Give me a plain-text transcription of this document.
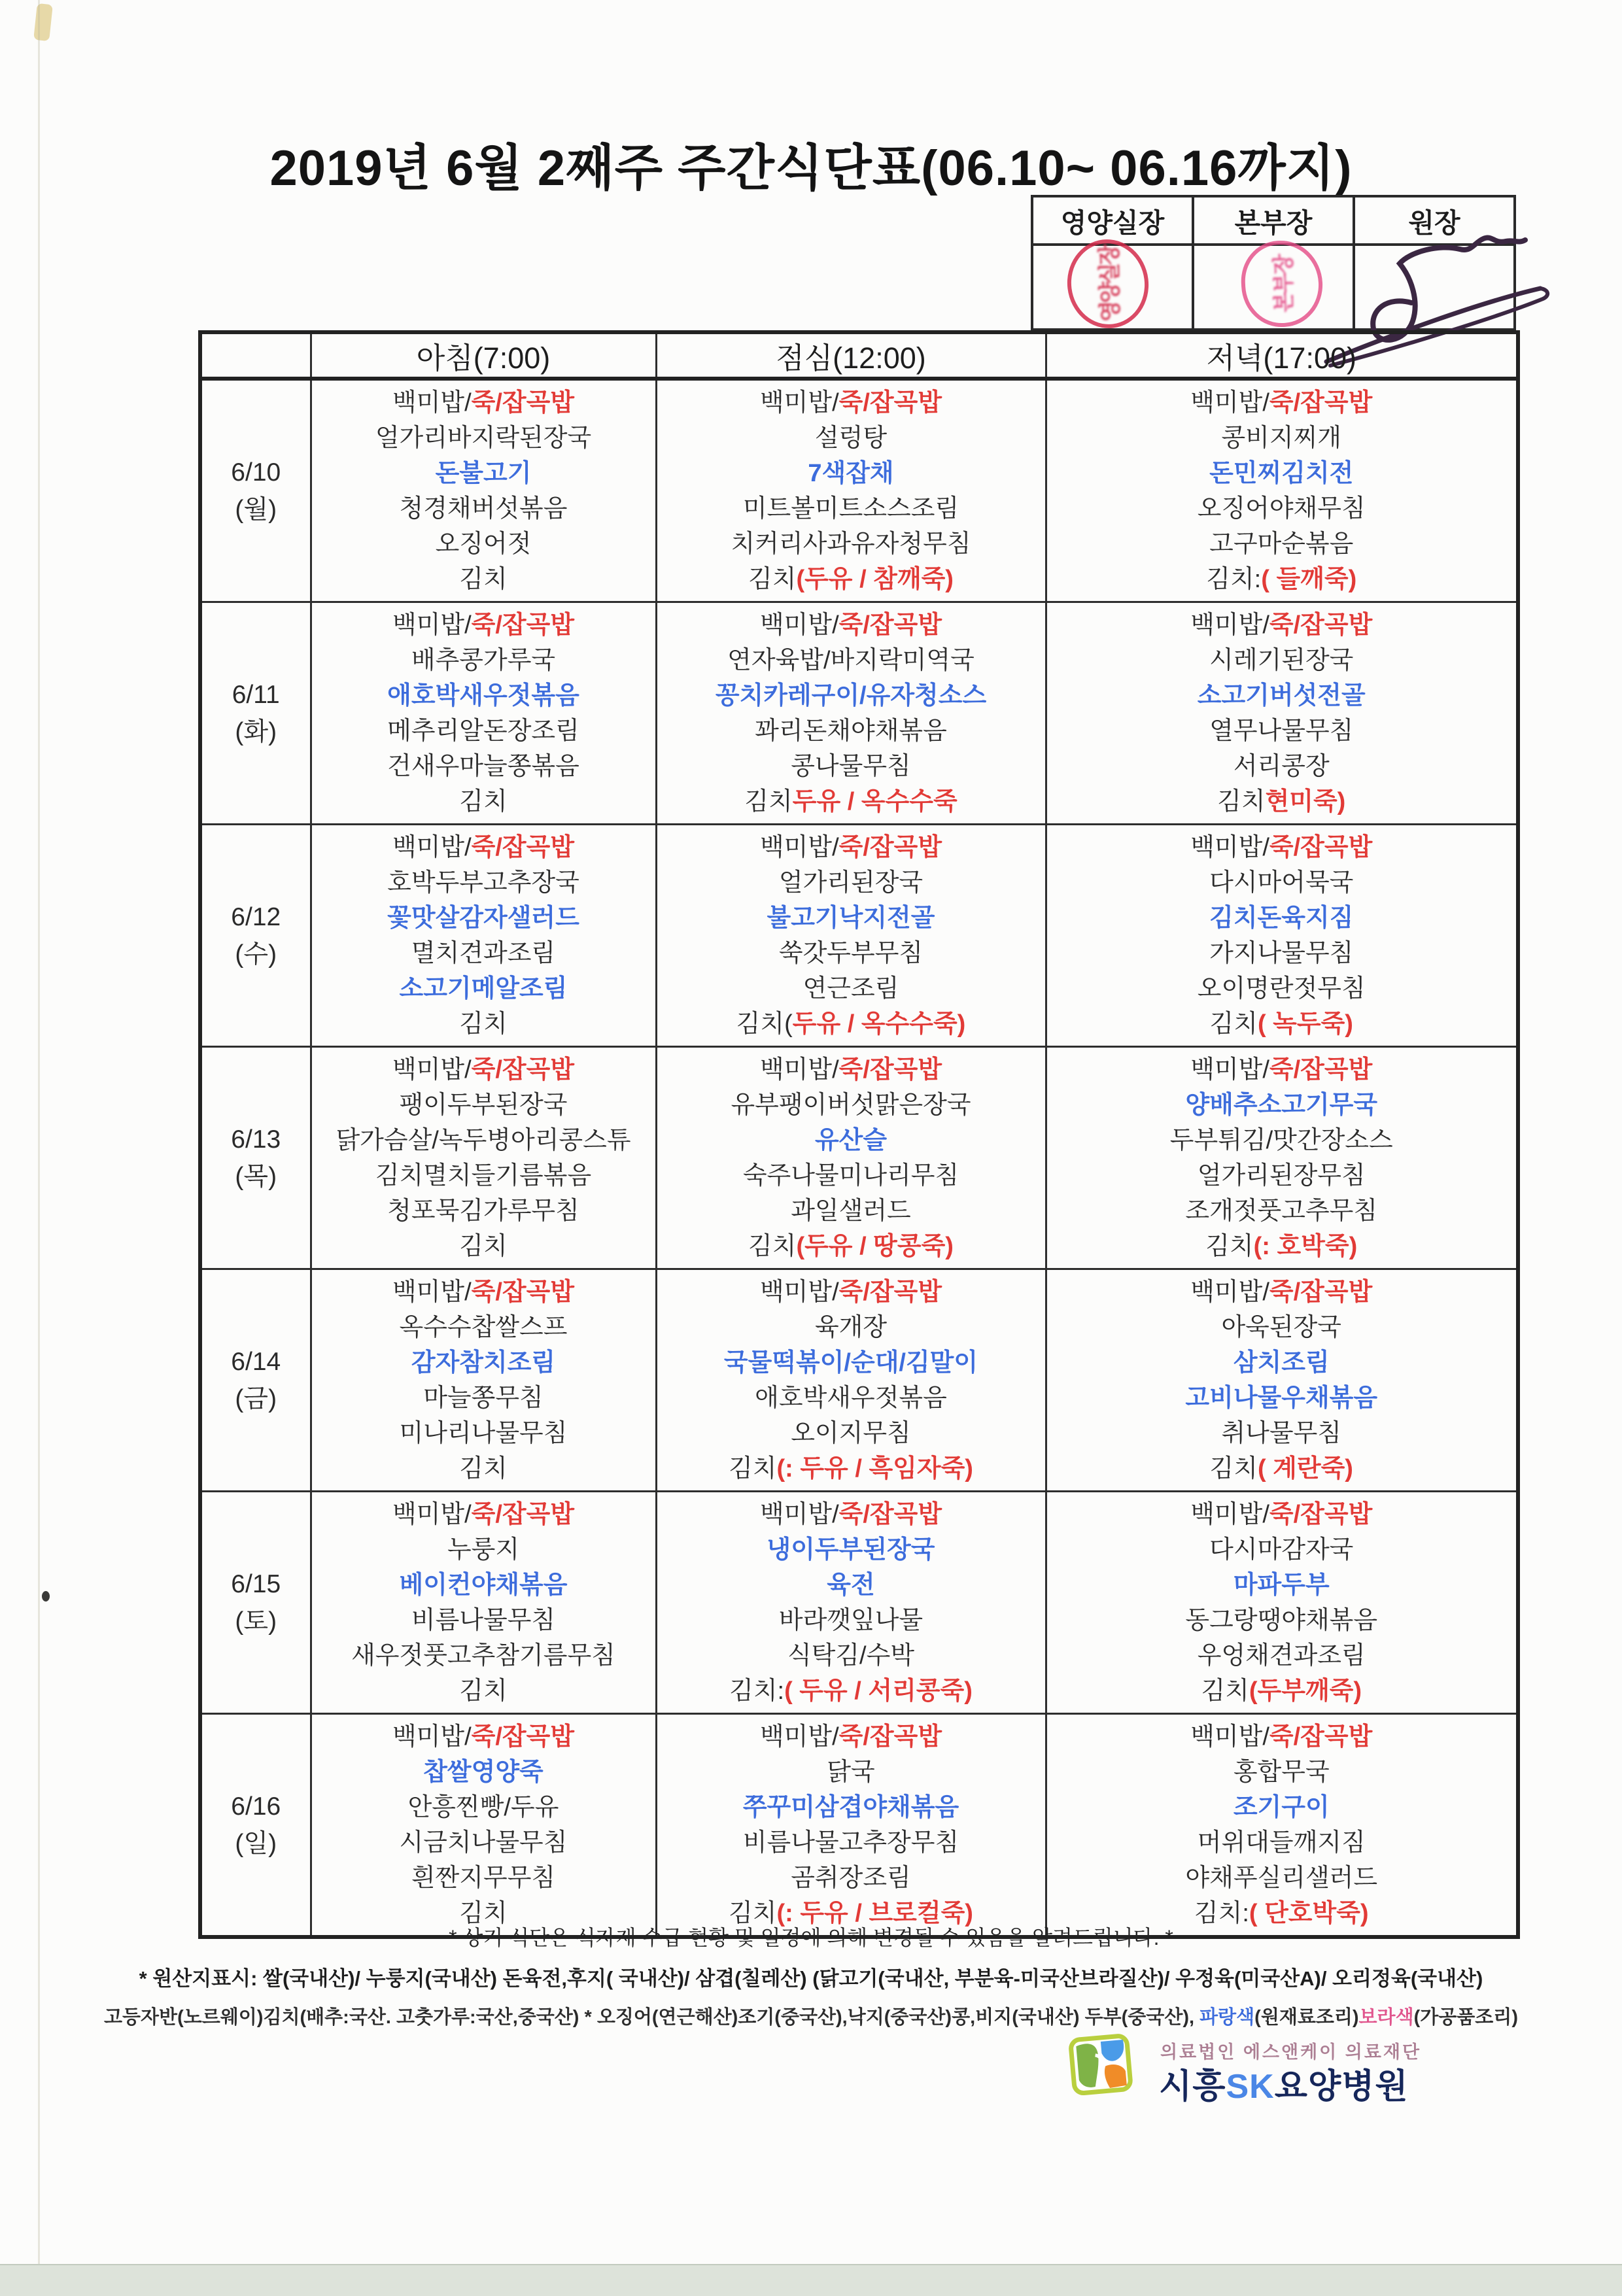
2019년 6월 2째주 주간식단표(06.10~ 06.16까지)
영양실장	본부장	원장

영양실장	본부장
	아침(7:00)	점심(12:00)	저녁(17:00)

6/10
(월)

백미밥/ 죽/잡곡밥
얼가리바지락된장국
돈불고기
청경채버섯볶음
오징어젓
김치

백미밥/ 죽/잡곡밥
설렁탕
7색잡채
미트볼미트소스조림
치커리사과유자청무침
김치 (두유 / 참깨죽)

백미밥/ 죽/잡곡밥
콩비지찌개
돈민찌김치전
오징어야채무침
고구마순볶음
김치: ( 들깨죽)

6/11
(화)

백미밥/ 죽/잡곡밥
배추콩가루국
애호박새우젓볶음
메추리알돈장조림
건새우마늘쫑볶음
김치

백미밥/ 죽/잡곡밥
연자육밥/바지락미역국
꽁치카레구이/유자청소스
꽈리돈채야채볶음
콩나물무침
김치 두유 / 옥수수죽

백미밥/ 죽/잡곡밥
시레기된장국
소고기버섯전골
열무나물무침
서리콩장
김치 현미죽)

6/12
(수)

백미밥/ 죽/잡곡밥
호박두부고추장국
꽃맛살감자샐러드
멸치견과조림
소고기메알조림
김치

백미밥/ 죽/잡곡밥
얼가리된장국
불고기낙지전골
쑥갓두부무침
연근조림
김치( 두유 / 옥수수죽)

백미밥/ 죽/잡곡밥
다시마어묵국
김치돈육지짐
가지나물무침
오이명란젓무침
김치 ( 녹두죽)

6/13
(목)

백미밥/ 죽/잡곡밥
팽이두부된장국
닭가슴살/녹두병아리콩스튜
김치멸치들기름볶음
청포묵김가루무침
김치

백미밥/ 죽/잡곡밥
유부팽이버섯맑은장국
유산슬
숙주나물미나리무침
과일샐러드
김치 (두유 / 땅콩죽)

백미밥/ 죽/잡곡밥
양배추소고기무국
두부튀김/맛간장소스
얼가리된장무침
조개젓풋고추무침
김치 (: 호박죽)

6/14
(금)

백미밥/ 죽/잡곡밥
옥수수찹쌀스프
감자참치조림
마늘쫑무침
미나리나물무침
김치

백미밥/ 죽/잡곡밥
육개장
국물떡볶이/순대/김말이
애호박새우젓볶음
오이지무침
김치 (: 두유 / 흑임자죽)

백미밥/ 죽/잡곡밥
아욱된장국
삼치조림
고비나물우채볶음
취나물무침
김치 ( 계란죽)

6/15
(토)

백미밥/ 죽/잡곡밥
누룽지
베이컨야채볶음
비름나물무침
새우젓풋고추참기름무침
김치

백미밥/ 죽/잡곡밥
냉이두부된장국
육전
바라깻잎나물
식탁김/수박
김치: ( 두유 / 서리콩죽)

백미밥/ 죽/잡곡밥
다시마감자국
마파두부
동그랑땡야채볶음
우엉채견과조림
김치 (두부깨죽)

6/16
(일)

백미밥/ 죽/잡곡밥
찹쌀영양죽
안흥찐빵/두유
시금치나물무침
흰짠지무무침
김치

백미밥/ 죽/잡곡밥
닭국
쭈꾸미삼겹야채볶음
비름나물고추장무침
곰취장조림
김치 (: 두유 / 브로컬죽)

백미밥/ 죽/잡곡밥
홍합무국
조기구이
머위대들깨지짐
야채푸실리샐러드
김치: ( 단호박죽)
* 상기 식단은 식자재 수급 현황 및 일정에 의해 변경될 수 있음을 알려드립니다. *
* 원산지표시: 쌀(국내산)/ 누룽지(국내산) 돈육전,후지( 국내산)/ 삼겹(칠레산) (닭고기(국내산, 부분육-미국산브라질산)/ 우정육(미국산A)/ 오리정육(국내산)
고등자반(노르웨이)김치(배추:국산. 고춧가루:국산,중국산) * 오징어(연근해산)조기(중국산),낙지(중국산)콩,비지(국내산) 두부(중국산), 파랑색(원재료조리)보라색(가공품조리)
의료법인 에스앤케이 의료재단
시흥SK요양병원
